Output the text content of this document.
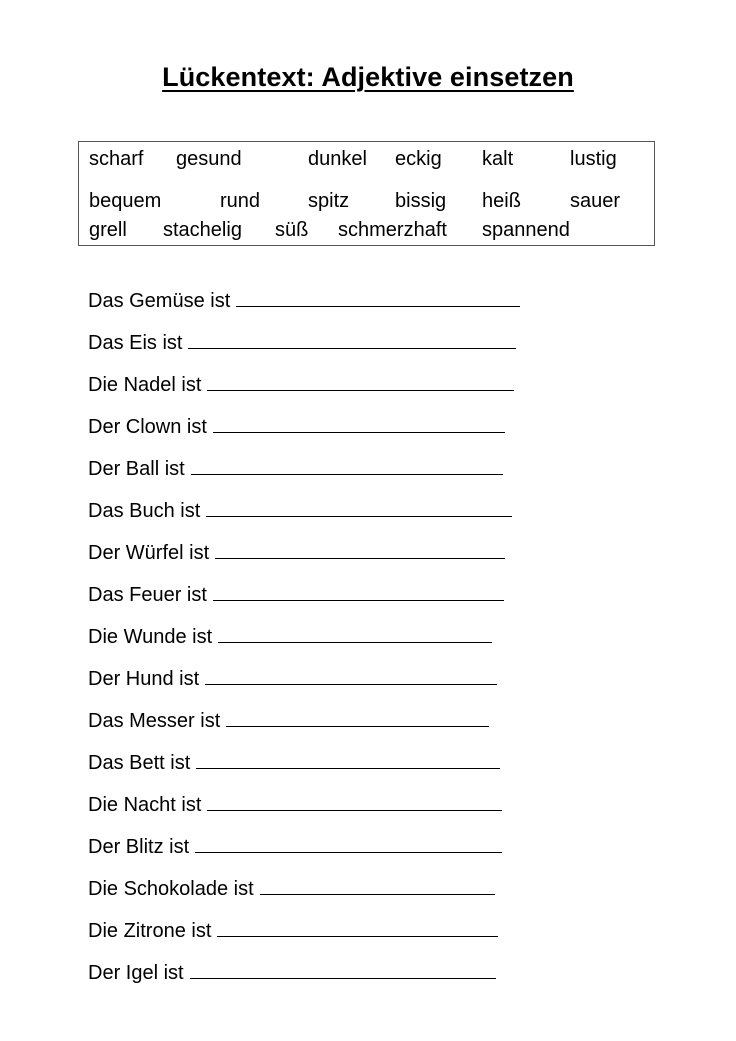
Lückentext: Adjektive einsetzen
scharf gesund	dunkel eckig kalt	lustig
bequem	rund spitz bissig heiß sauer
grell stachelig süß schmerzhaft spannend
Das Gemüse ist
Das Eis ist
Die Nadel ist
Der Clown ist
Der Ball ist
Das Buch ist
Der Würfel ist
Das Feuer ist
Die Wunde ist
Der Hund ist
Das Messer ist
Das Bett ist
Die Nacht ist
Der Blitz ist
Die Schokolade ist
Die Zitrone ist
Der Igel ist
